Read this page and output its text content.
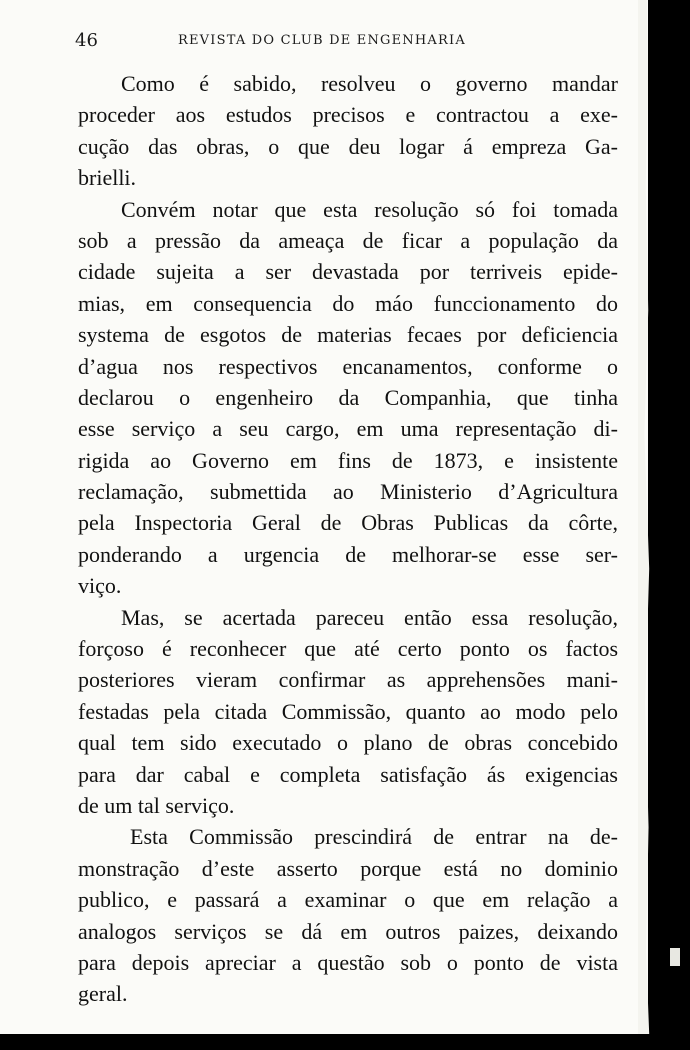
46	REVISTA DO CLUB DE ENGENHARIA
Como é sabido, resolveu o governo mandar
proceder aos estudos precisos e contractou a exe-
cução das obras, o que deu logar á empreza Ga-
brielli.
Convém notar que esta resolução só foi tomada
sob a pressão da ameaça de ficar a população da
cidade sujeita a ser devastada por terriveis epide-
mias, em consequencia do máo funccionamento do
systema de esgotos de materias fecaes por deficiencia
d’agua nos respectivos encanamentos, conforme o
declarou o engenheiro da Companhia, que tinha
esse serviço a seu cargo, em uma representação di-
rigida ao Governo em fins de 1873, e insistente
reclamação, submettida ao Ministerio d’Agricultura
pela Inspectoria Geral de Obras Publicas da côrte,
ponderando a urgencia de melhorar-se esse ser-
viço.
Mas, se acertada pareceu então essa resolução,
forçoso é reconhecer que até certo ponto os factos
posteriores vieram confirmar as apprehensões mani-
festadas pela citada Commissão, quanto ao modo pelo
qual tem sido executado o plano de obras concebido
para dar cabal e completa satisfação ás exigencias
de um tal serviço.
Esta Commissão prescindirá de entrar na de-
monstração d’este asserto porque está no dominio
publico, e passará a examinar o que em relação a
analogos serviços se dá em outros paizes, deixando
para depois apreciar a questão sob o ponto de vista
geral.
